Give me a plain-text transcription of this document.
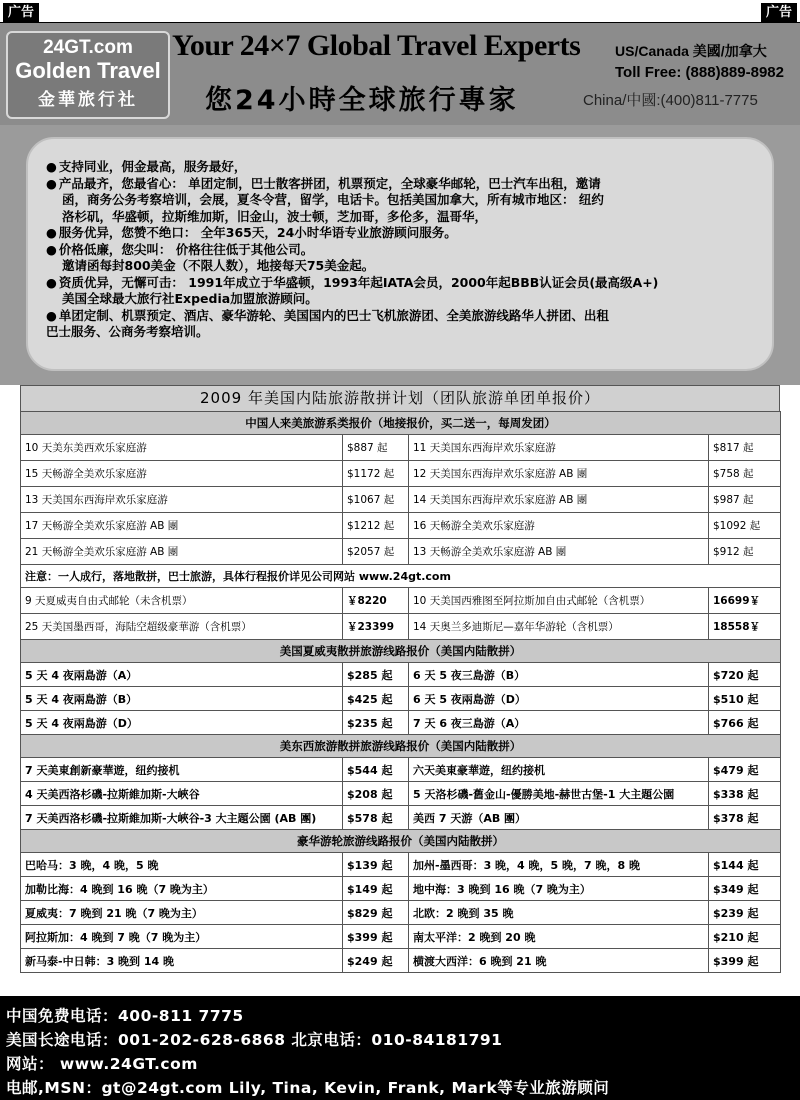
广告	广告
24GT.com
Golden Travel
金華旅行社
Your 24×7 Global Travel Experts
您24小時全球旅行專家
US/Canada 美國/加拿大
Toll Free: (888)889-8982
China/中國:(400)811-7775
● 支持同业，佣金最高，服务最好，
● 产品最齐，您最省心： 单团定制，巴士散客拼团，机票预定，全球豪华邮轮，巴士汽车出租，邀请
函，商务公务考察培训，会展，夏冬令营，留学，电话卡。包括美国加拿大，所有城市地区： 纽约
洛杉矶，华盛顿，拉斯维加斯，旧金山，波士顿，芝加哥，多伦多，温哥华，
● 服务优异，您赞不绝口： 全年365天，24小时华语专业旅游顾问服务。
● 价格低廉，您尖叫： 价格往往低于其他公司。
邀请函每封800美金（不限人数），地接每天75美金起。
● 资质优异，无懈可击： 1991年成立于华盛顿，1993年起IATA会员，2000年起BBB认证会员(最高级A+)
美国全球最大旅行社Expedia加盟旅游顾问。
● 单团定制、机票预定、酒店、豪华游轮、美国国内的巴士飞机旅游团、全美旅游线路华人拼团、出租
巴士服务、公商务考察培训。
2009 年美国内陆旅游散拼计划（团队旅游单团单报价）
中国人来美旅游系类报价（地接报价，买二送一，每周发团）			
10 天美东美西欢乐家庭游	$887 起	11 天美国东西海岸欢乐家庭游	$817 起
15 天畅游全美欢乐家庭游	$1172 起	12 天美国东西海岸欢乐家庭游 AB 團	$758 起
13 天美国东西海岸欢乐家庭游	$1067 起	14 天美国东西海岸欢乐家庭游 AB 團	$987 起
17 天畅游全美欢乐家庭游 AB 團	$1212 起	16 天畅游全美欢乐家庭游	$1092 起
21 天畅游全美欢乐家庭游 AB 團	$2057 起	13 天畅游全美欢乐家庭游 AB 團	$912 起
注意：一人成行，落地散拼，巴士旅游，具体行程报价详见公司网站 www.24gt.com			
9 天夏威夷自由式邮轮（未含机票）	￥8220	10 天美国西雅图至阿拉斯加自由式邮轮（含机票）	16699￥
25 天美国墨西哥，海陆空超级豪華游（含机票）	￥23399	14 天奥兰多迪斯尼—嘉年华游轮（含机票）	18558￥
美国夏威夷散拼旅游线路报价（美国内陆散拼）			
5 天 4 夜兩島游（A）	$285 起	6 天 5 夜三島游（B）	$720 起
5 天 4 夜兩島游（B）	$425 起	6 天 5 夜兩島游（D）	$510 起
5 天 4 夜兩島游（D）	$235 起	7 天 6 夜三島游（A）	$766 起
美东西旅游散拼旅游线路报价（美国内陆散拼）			
7 天美東創新豪華遊，纽约接机	$544 起	六天美東豪華遊，纽约接机	$479 起
4 天美西洛杉磯-拉斯維加斯-大峽谷	$208 起	5 天洛杉磯-舊金山-優勝美地-赫世古堡-1 大主題公園	$338 起
7 天美西洛杉磯-拉斯維加斯-大峽谷-3 大主題公園 (AB 團)	$578 起	美西 7 天游（AB 團）	$378 起
豪华游轮旅游线路报价（美国内陆散拼）			
巴哈马：3 晚，4 晚，5 晚	$139 起	加州-墨西哥：3 晚，4 晚，5 晚，7 晚，8 晚	$144 起
加勒比海：4 晚到 16 晚（7 晚为主）	$149 起	地中海：3 晚到 16 晚（7 晚为主）	$349 起
夏威夷：7 晚到 21 晚（7 晚为主）	$829 起	北欧：2 晚到 35 晚	$239 起
阿拉斯加：4 晚到 7 晚（7 晚为主）	$399 起	南太平洋：2 晚到 20 晚	$210 起
新马泰-中日韩：3 晚到 14 晚	$249 起	横渡大西洋：6 晚到 21 晚	$399 起
中国免费电话：400-811 7775
美国长途电话：001-202-628-6868 北京电话：010-84181791
网站： www.24GT.com
电邮,MSN：gt@24gt.com Lily, Tina, Kevin, Frank, Mark等专业旅游顾问
